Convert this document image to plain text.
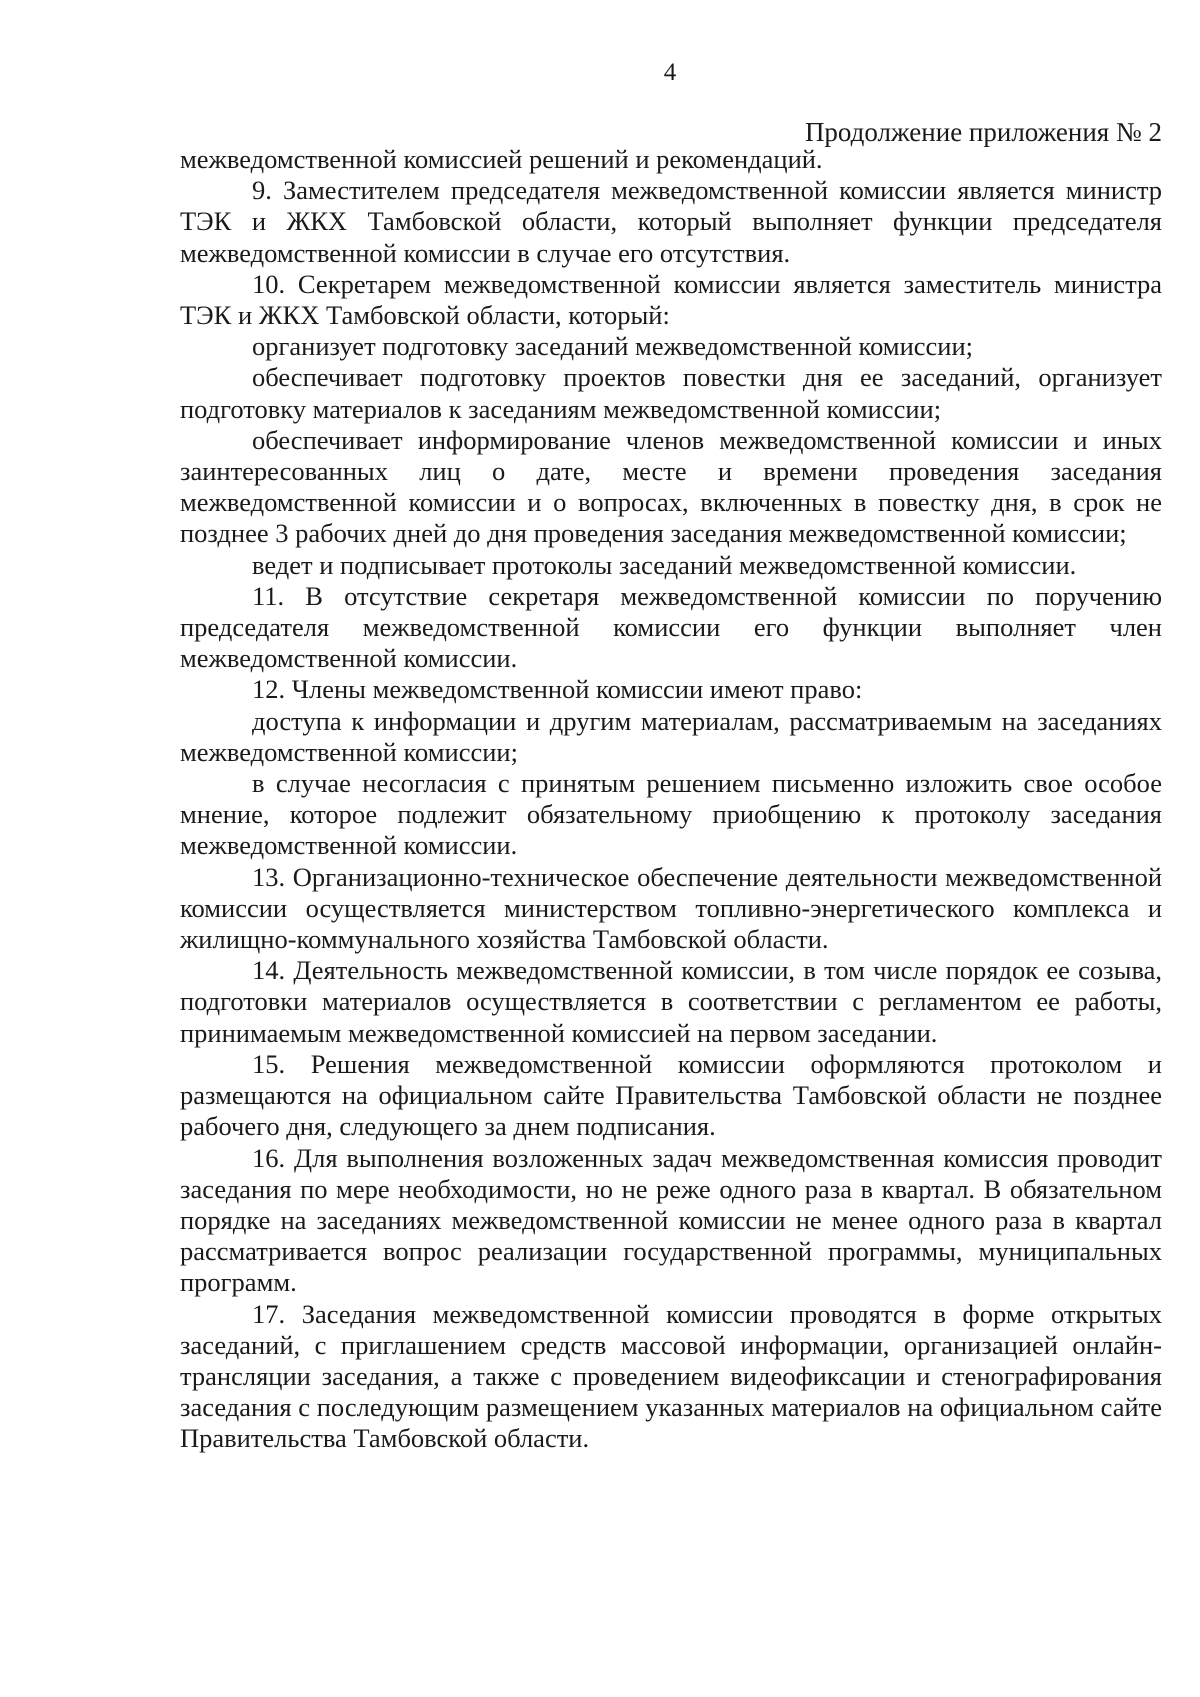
4
Продолжение приложения № 2

межведомственной комиссией решений и рекомендаций.

9. Заместителем председателя межведомственной комиссии является министр ТЭК и ЖКХ Тамбовской области, который выполняет функции председателя межведомственной комиссии в случае его отсутствия.

10. Секретарем межведомственной комиссии является заместитель министра ТЭК и ЖКХ Тамбовской области, который:

организует подготовку заседаний межведомственной комиссии;

обеспечивает подготовку проектов повестки дня ее заседаний, организует подготовку материалов к заседаниям межведомственной комиссии;

обеспечивает информирование членов межведомственной комиссии и иных заинтересованных лиц о дате, месте и времени проведения заседания межведомственной комиссии и о вопросах, включенных в повестку дня, в срок не позднее 3 рабочих дней до дня проведения заседания межведомственной комиссии;

ведет и подписывает протоколы заседаний межведомственной комиссии.

11. В отсутствие секретаря межведомственной комиссии по поручению председателя межведомственной комиссии его функции выполняет член межведомственной комиссии.

12. Члены межведомственной комиссии имеют право:

доступа к информации и другим материалам, рассматриваемым на заседаниях межведомственной комиссии;

в случае несогласия с принятым решением письменно изложить свое особое мнение, которое подлежит обязательному приобщению к протоколу заседания межведомственной комиссии.

13. Организационно-техническое обеспечение деятельности межведомственной комиссии осуществляется министерством топливно-энергетического комплекса и жилищно-коммунального хозяйства Тамбовской области.

14. Деятельность межведомственной комиссии, в том числе порядок ее созыва, подготовки материалов осуществляется в соответствии с регламентом ее работы, принимаемым межведомственной комиссией на первом заседании.

15. Решения межведомственной комиссии оформляются протоколом и размещаются на официальном сайте Правительства Тамбовской области не позднее рабочего дня, следующего за днем подписания.

16. Для выполнения возложенных задач межведомственная комиссия проводит заседания по мере необходимости, но не реже одного раза в квартал. В обязательном порядке на заседаниях межведомственной комиссии не менее одного раза в квартал рассматривается вопрос реализации государственной программы, муниципальных программ.

17. Заседания межведомственной комиссии проводятся в форме открытых заседаний, с приглашением средств массовой информации, организацией онлайн-трансляции заседания, а также с проведением видеофиксации и стенографирования заседания с последующим размещением указанных материалов на официальном сайте Правительства Тамбовской области.
